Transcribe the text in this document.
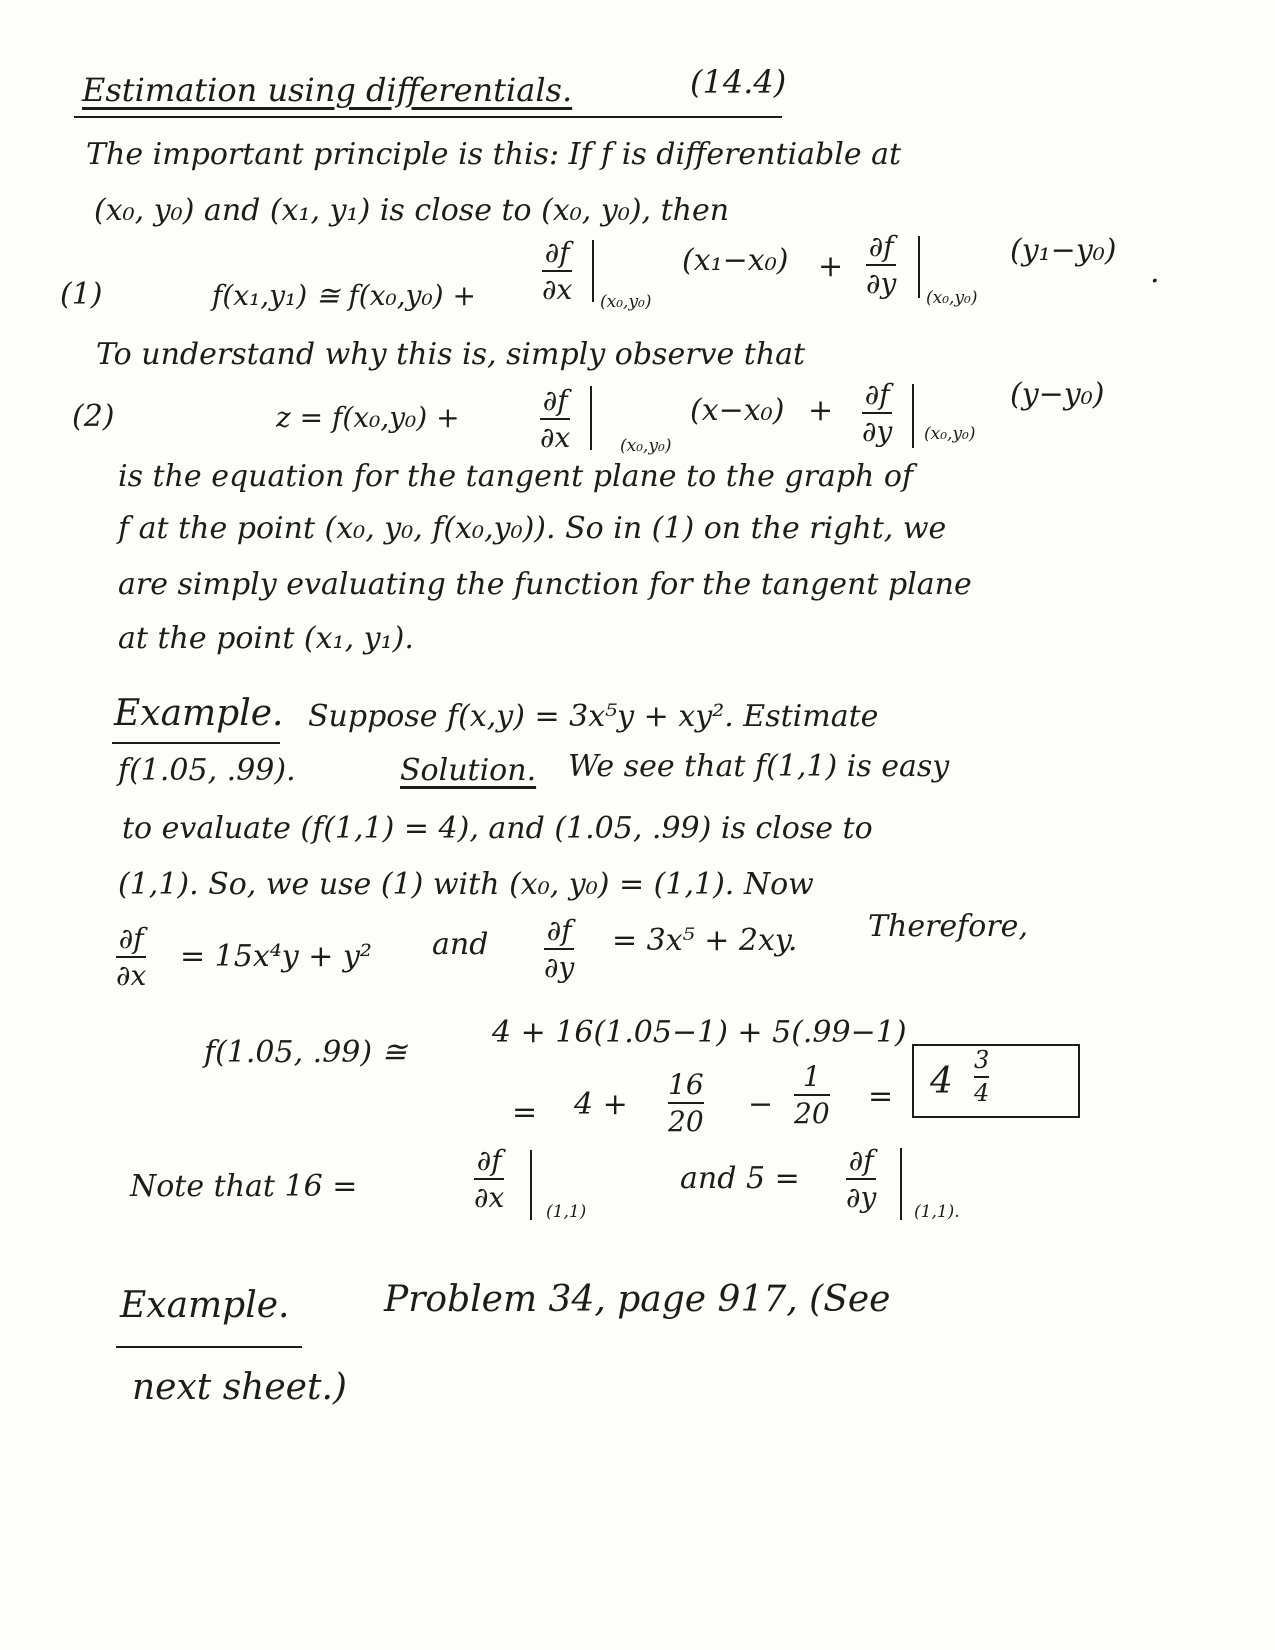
Estimation using differentials.	(14.4)
The important principle is this: If f is differentiable at
(x₀, y₀) and (x₁, y₁) is close to (x₀, y₀), then
(1)	f(x₁,y₁) ≅ f(x₀,y₀) +
∂f
∂x (x₀,y₀)
(x₁−x₀) +
∂f
∂y (x₀,y₀)
(y₁−y₀)
.
To understand why this is, simply observe that
(2)	z = f(x₀,y₀) +
∂f
∂x	(x₀,y₀)
(x−x₀) + ∂f
∂y (x₀,y₀)
(y−y₀)
is the equation for the tangent plane to the graph of
f at the point (x₀, y₀, f(x₀,y₀)). So in (1) on the right, we
are simply evaluating the function for the tangent plane
at the point (x₁, y₁).
Example. Suppose f(x,y) = 3x⁵y + xy². Estimate
f(1.05, .99).	Solution. We see that f(1,1) is easy
to evaluate (f(1,1) = 4), and (1.05, .99) is close to
(1,1). So, we use (1) with (x₀, y₀) = (1,1). Now
∂f
∂x
= 15x⁴y + y² and ∂f
∂y
= 3x⁵ + 2xy. Therefore,
f(1.05, .99) ≅
4 + 16(1.05−1) + 5(.99−1)
= 4 +
16
20 −
1
20 = 4
3
4
Note that 16 =
∂f
∂x (1,1)
and 5 =
∂f
∂y (1,1).
Example.	Problem 34, page 917, (See
next sheet.)
